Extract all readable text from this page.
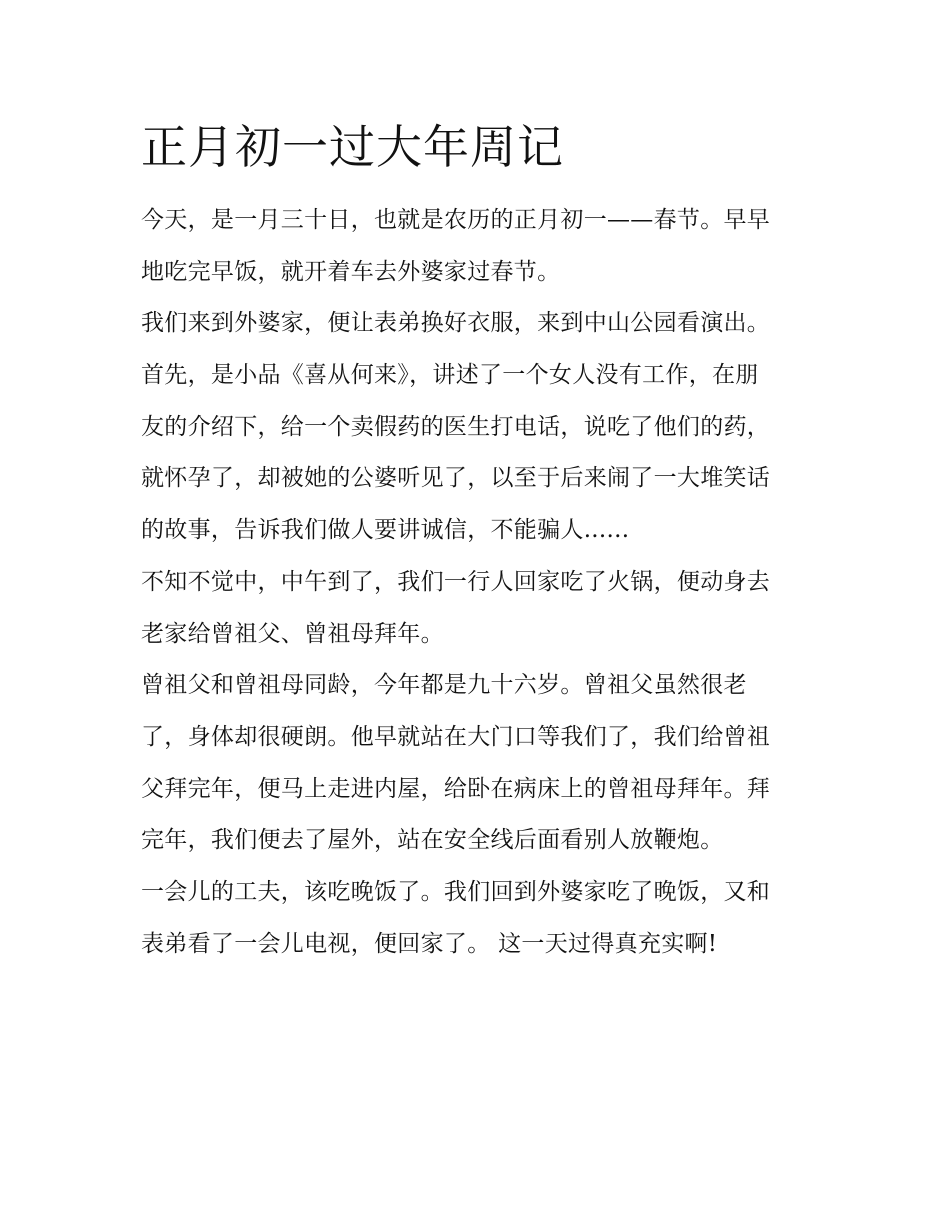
正月初一过大年周记
今天，是一月三十日，也就是农历的正月初一——春节。早早
地吃完早饭，就开着车去外婆家过春节。
我们来到外婆家，便让表弟换好衣服，来到中山公园看演出。
首先，是小品《喜从何来》，讲述了一个女人没有工作，在朋
友的介绍下，给一个卖假药的医生打电话，说吃了他们的药，
就怀孕了，却被她的公婆听见了，以至于后来闹了一大堆笑话
的故事，告诉我们做人要讲诚信，不能骗人......
不知不觉中，中午到了，我们一行人回家吃了火锅，便动身去
老家给曾祖父、曾祖母拜年。
曾祖父和曾祖母同龄，今年都是九十六岁。曾祖父虽然很老
了，身体却很硬朗。他早就站在大门口等我们了，我们给曾祖
父拜完年，便马上走进内屋，给卧在病床上的曾祖母拜年。拜
完年，我们便去了屋外，站在安全线后面看别人放鞭炮。
一会儿的工夫，该吃晚饭了。我们回到外婆家吃了晚饭，又和
表弟看了一会儿电视，便回家了。 这一天过得真充实啊!
